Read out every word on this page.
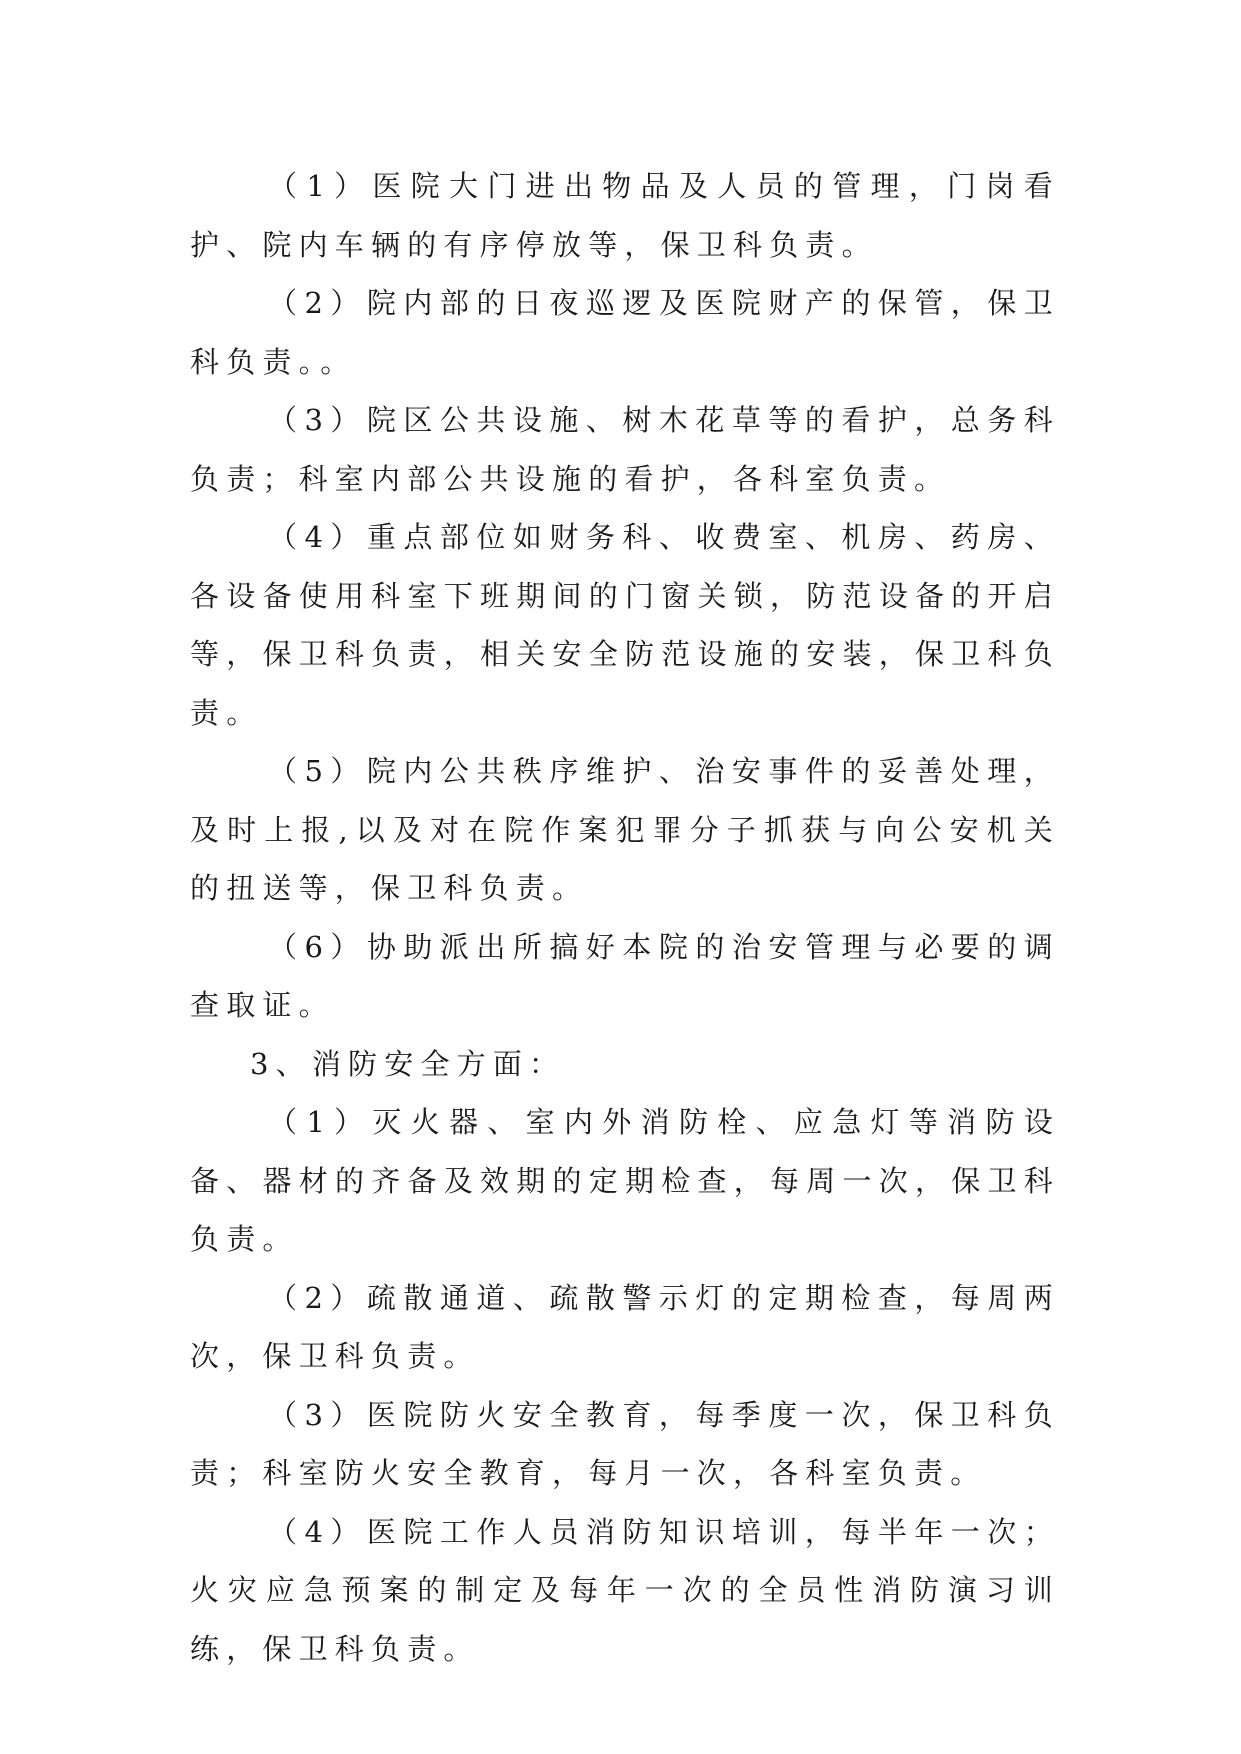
（1）医院大门进出物品及人员的管理，门岗看护、院内车辆的有序停放等，保卫科负责。

（2）院内部的日夜巡逻及医院财产的保管，保卫科负责。。

（3）院区公共设施、树木花草等的看护，总务科负责；科室内部公共设施的看护，各科室负责。

（4）重点部位如财务科、收费室、机房、药房、各设备使用科室下班期间的门窗关锁，防范设备的开启等，保卫科负责，相关安全防范设施的安装，保卫科负责。

（5）院内公共秩序维护、治安事件的妥善处理，及时上报,以及对在院作案犯罪分子抓获与向公安机关的扭送等，保卫科负责。

（6）协助派出所搞好本院的治安管理与必要的调查取证。

3、消防安全方面：

（1）灭火器、室内外消防栓、应急灯等消防设备、器材的齐备及效期的定期检查，每周一次，保卫科负责。

（2）疏散通道、疏散警示灯的定期检查，每周两次，保卫科负责。

（3）医院防火安全教育，每季度一次，保卫科负责；科室防火安全教育，每月一次，各科室负责。

（4）医院工作人员消防知识培训，每半年一次；火灾应急预案的制定及每年一次的全员性消防演习训练，保卫科负责。
